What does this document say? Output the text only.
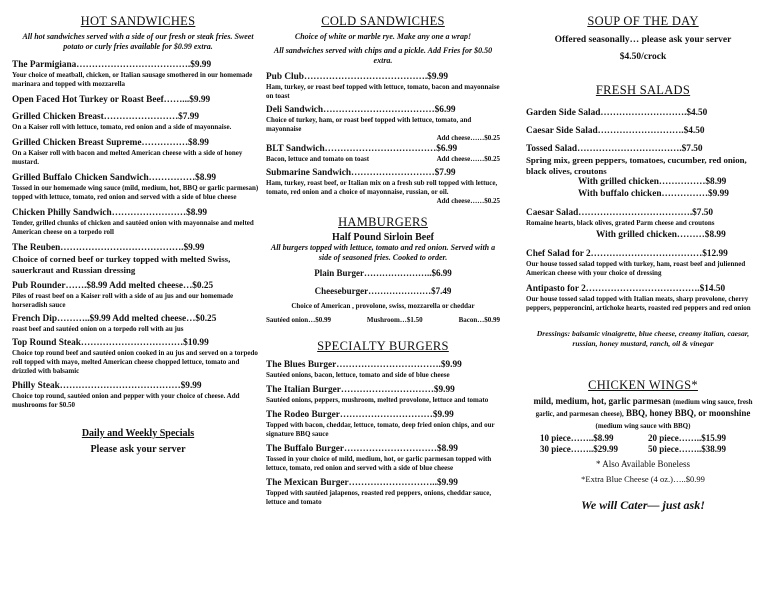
HOT SANDWICHES
All hot sandwiches served with a side of our fresh or steak fries. Sweet potato or curly fries available for $0.99 extra.
The Parmigiana……………………………….$9.99
Your choice of meatball, chicken, or Italian sausage smothered in our homemade marinara and topped with mozzarella
Open Faced Hot Turkey or Roast Beef……...$9.99
Grilled Chicken Breast……………………$7.99
On a Kaiser roll with lettuce, tomato, red onion and a side of mayonnaise.
Grilled Chicken Breast Supreme……………$8.99
On a Kaiser roll with bacon and melted American cheese with a side of honey mustard.
Grilled Buffalo Chicken Sandwich……………$8.99
Tossed in our homemade wing sauce (mild, medium, hot, BBQ or garlic parmesan) topped with lettuce, tomato, red onion and served with a side of blue cheese
Chicken Philly Sandwich……………………$8.99
Tender, grilled chunks of chicken and sautéed onion with mayonnaise and melted American cheese on a torpedo roll
The Reuben………………………………….$9.99
Choice of corned beef or turkey topped with melted Swiss, sauerkraut and Russian dressing
Pub Rounder…….$8.99 Add melted cheese…$0.25
Piles of roast beef on a Kaiser roll with a side of au jus and our homemade horseradish sauce
French Dip………..$9.99 Add melted cheese…$0.25
roast beef and sautéed onion on a torpedo roll with au jus
Top Round Steak……………………………$10.99
Choice top round beef and sautéed onion cooked in au jus and served on a torpedo roll topped with mayo, melted American cheese chopped lettuce, tomato and drizzled with balsamic
Philly Steak…………………………………$9.99
Choice top round, sautéed onion and pepper with your choice of cheese. Add mushrooms for $0.50
Daily and Weekly Specials
Please ask your server
COLD SANDWICHES
Choice of white or marble rye. Make any one a wrap!
All sandwiches served with chips and a pickle. Add Fries for $0.50 extra.
Pub Club………………………………….$9.99
Ham, turkey, or roast beef topped with lettuce, tomato, bacon and mayonnaise on toast
Deli Sandwich………………………………$6.99
Choice of turkey, ham, or roast beef topped with lettuce, tomato, and mayonnaise
Add cheese……$0.25
BLT Sandwich………………………………$6.99
Bacon, lettuce and tomato on toast	Add cheese……$0.25
Submarine Sandwich………………………$7.99
Ham, turkey, roast beef, or Italian mix on a fresh sub roll topped with lettuce, tomato, red onion and a choice of mayonnaise, russian, or oil.
Add cheese……$0.25
HAMBURGERS
Half Pound Sirloin Beef
All burgers topped with lettuce, tomato and red onion. Served with a side of seasoned fries. Cooked to order.
Plain Burger…………………..$6.99
Cheeseburger…………………$7.49
Choice of American , provolone, swiss, mozzarella or cheddar
Sautéed onion…$0.99	Mushroom…$1.50	Bacon…$0.99
SPECIALTY BURGERS
The Blues Burger…………………………….$9.99
Sautéed onions, bacon, lettuce, tomato and side of blue cheese
The Italian Burger…………………………$9.99
Sautéed onions, peppers, mushroom, melted provolone, lettuce and tomato
The Rodeo Burger…………………………$9.99
Topped with bacon, cheddar, lettuce, tomato, deep fried onion chips, and our signature BBQ sauce
The Buffalo Burger…………………………$8.99
Tossed in your choice of mild, medium, hot, or garlic parmesan topped with lettuce, tomato, red onion and served with a side of blue cheese
The Mexican Burger………………………..$9.99
Topped with sautéed jalapenos, roasted red peppers, onions, cheddar sauce, lettuce and tomato
SOUP OF THE DAY
Offered seasonally… please ask your server
$4.50/crock
FRESH SALADS
Garden Side Salad……………………….$4.50
Caesar Side Salad……………………….$4.50
Tossed Salad…………………………….$7.50
Spring mix, green peppers, tomatoes, cucumber, red onion, black olives, croutons
With grilled chicken……………$8.99
With buffalo chicken……………$9.99
Caesar Salad……………………………….$7.50
Romaine hearts, black olives, grated Parm cheese and croutons
With grilled chicken………$8.99
Chef Salad for 2………………………………$12.99
Our house tossed salad topped with turkey, ham, roast beef and julienned American cheese with your choice of dressing
Antipasto for 2……………………………….$14.50
Our house tossed salad topped with Italian meats, sharp provolone, cherry peppers, pepperoncini, artichoke hearts, roasted red peppers and red onion
Dressings: balsamic vinaigrette, blue cheese, creamy italian, caesar, russian, honey mustard, ranch, oil & vinegar
CHICKEN WINGS*
mild, medium, hot, garlic parmesan (medium wing sauce, fresh garlic, and parmesan cheese), BBQ, honey BBQ, or moonshine (medium wing sauce with BBQ)
10 piece……..$8.99	20 piece……..$15.99
30 piece……..$29.99	50 piece……..$38.99
* Also Available Boneless
*Extra Blue Cheese (4 oz.)…..$0.99
We will Cater— just ask!
